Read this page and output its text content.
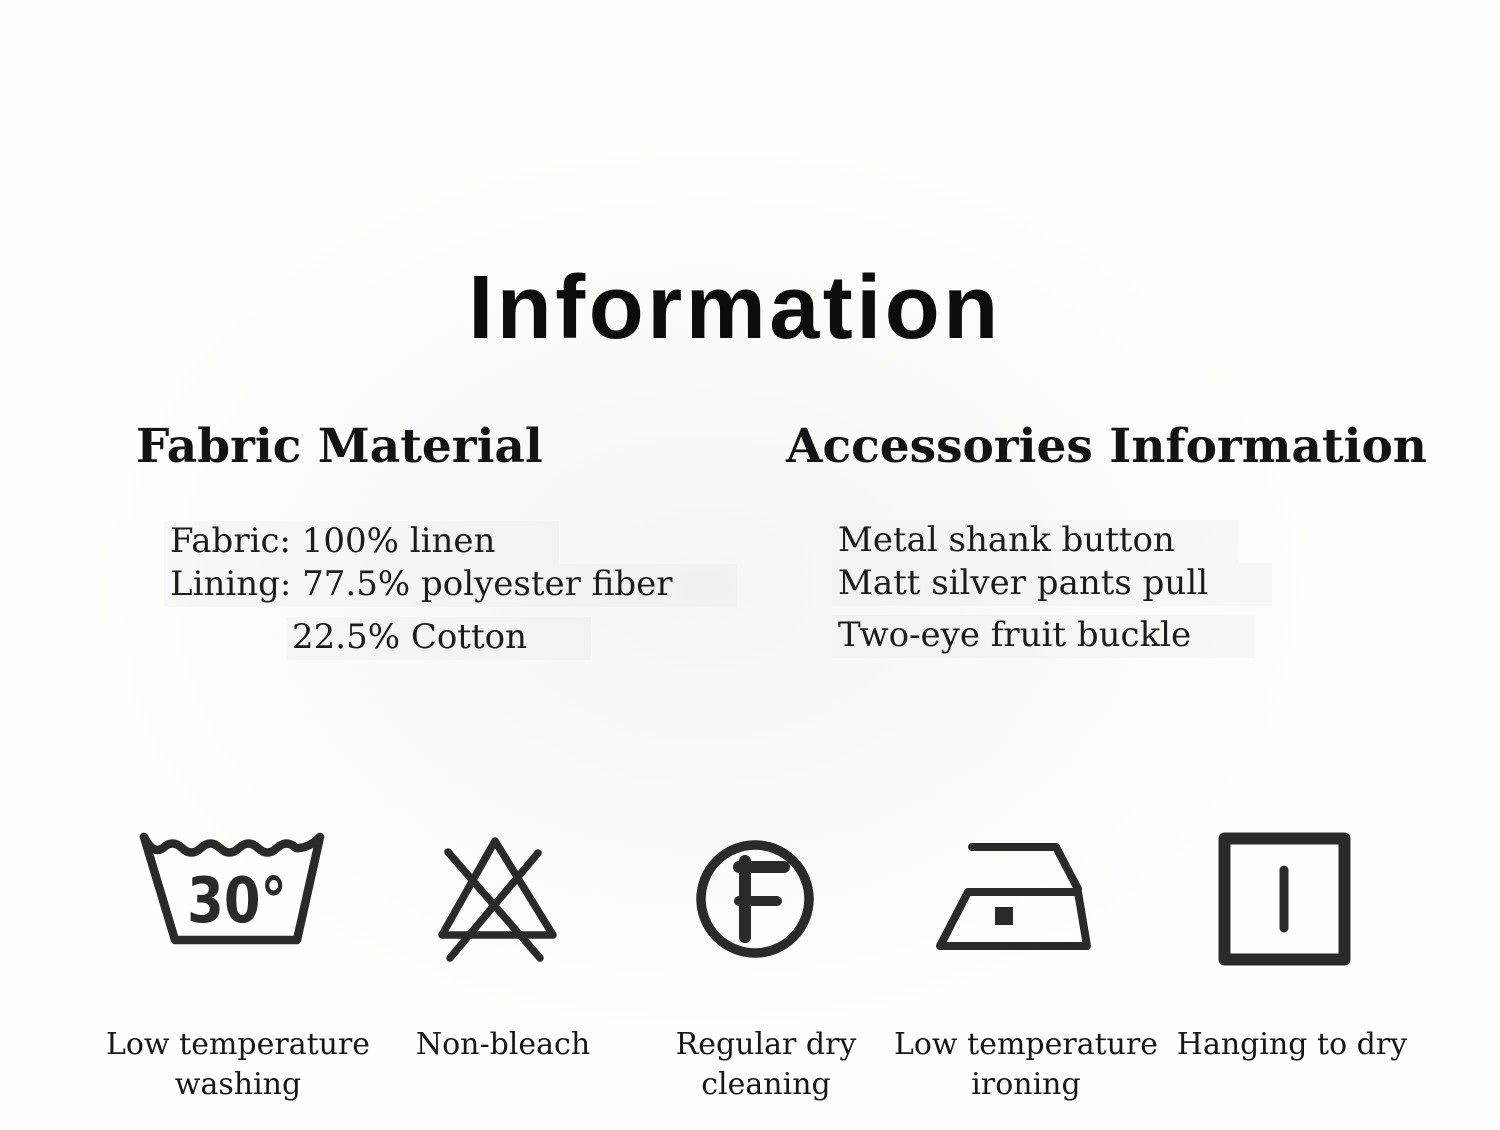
Information
Fabric Material
Fabric: 100% linen
Lining: 77.5% polyester fiber
22.5% Cotton
Accessories Information
Metal shank button
Matt silver pants pull
Two-eye fruit buckle
30°
F
Low temperature
washing
Non-bleach	Regular dry
cleaning
Low temperature
ironing
Hanging to dry
